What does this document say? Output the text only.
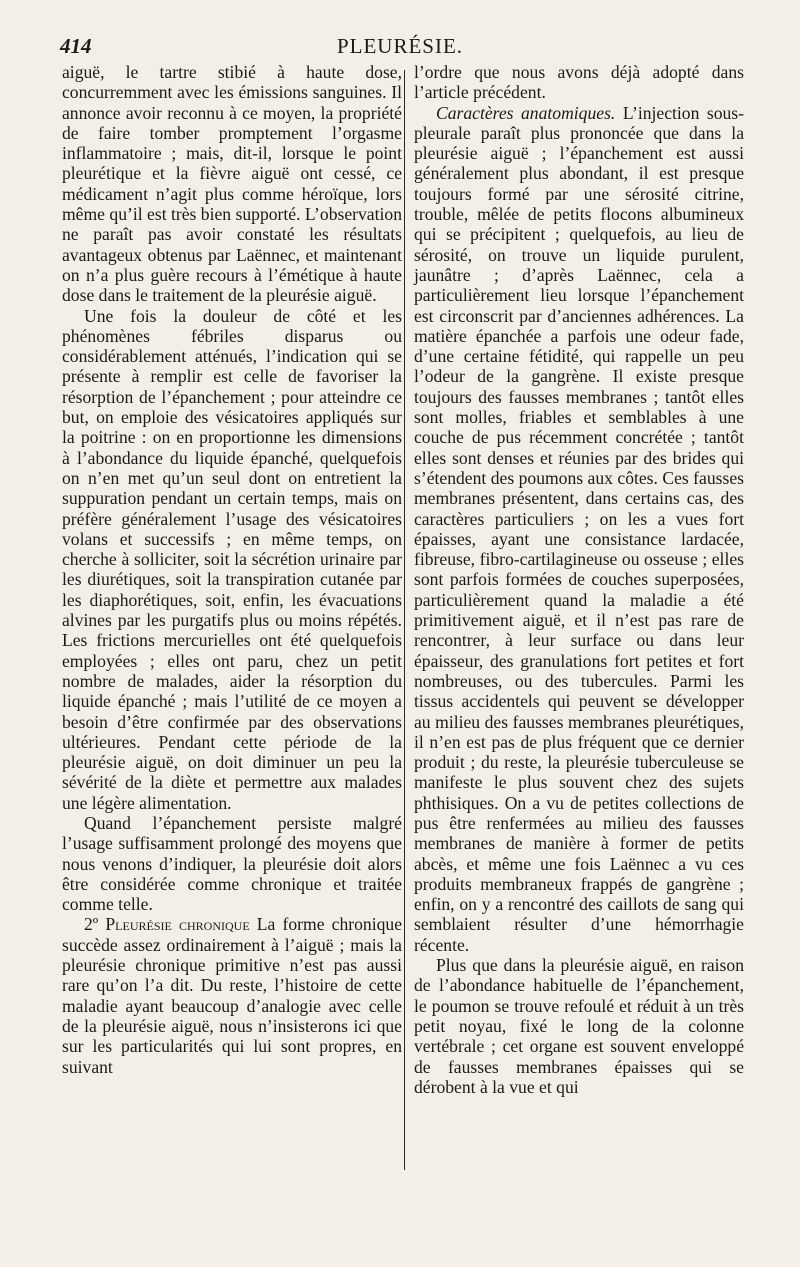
414	PLEURÉSIE.

aiguë, le tartre stibié à haute dose, concurremment avec les émissions sanguines. Il annonce avoir reconnu à ce moyen, la propriété de faire tomber promptement l’orgasme inflammatoire ; mais, dit-il, lorsque le point pleurétique et la fièvre aiguë ont cessé, ce médicament n’agit plus comme héroïque, lors même qu’il est très bien supporté. L’observation ne paraît pas avoir constaté les résultats avantageux obtenus par Laënnec, et maintenant on n’a plus guère recours à l’émétique à haute dose dans le traitement de la pleurésie aiguë.

Une fois la douleur de côté et les phénomènes fébriles disparus ou considérablement atténués, l’indication qui se présente à remplir est celle de favoriser la résorption de l’épanchement ; pour atteindre ce but, on emploie des vésicatoires appliqués sur la poitrine : on en proportionne les dimensions à l’abondance du liquide épanché, quelquefois on n’en met qu’un seul dont on entretient la suppuration pendant un certain temps, mais on préfère généralement l’usage des vésicatoires volans et successifs ; en même temps, on cherche à solliciter, soit la sécrétion urinaire par les diurétiques, soit la transpiration cutanée par les diaphorétiques, soit, enfin, les évacuations alvines par les purgatifs plus ou moins répétés. Les frictions mercurielles ont été quelquefois employées ; elles ont paru, chez un petit nombre de malades, aider la résorption du liquide épanché ; mais l’utilité de ce moyen a besoin d’être confirmée par des observations ultérieures. Pendant cette période de la pleurésie aiguë, on doit diminuer un peu la sévérité de la diète et permettre aux malades une légère alimentation.

Quand l’épanchement persiste malgré l’usage suffisamment prolongé des moyens que nous venons d’indiquer, la pleurésie doit alors être considérée comme chronique et traitée comme telle.

2º Pleurésie chronique La forme chronique succède assez ordinairement à l’aiguë ; mais la pleurésie chronique primitive n’est pas aussi rare qu’on l’a dit. Du reste, l’histoire de cette maladie ayant beaucoup d’analogie avec celle de la pleurésie aiguë, nous n’insisterons ici que sur les particularités qui lui sont propres, en suivant

l’ordre que nous avons déjà adopté dans l’article précédent.

Caractères anatomiques. L’injection sous-pleurale paraît plus prononcée que dans la pleurésie aiguë ; l’épanchement est aussi généralement plus abondant, il est presque toujours formé par une sérosité citrine, trouble, mêlée de petits flocons albumineux qui se précipitent ; quelquefois, au lieu de sérosité, on trouve un liquide purulent, jaunâtre ; d’après Laënnec, cela a particulièrement lieu lorsque l’épanchement est circonscrit par d’anciennes adhérences. La matière épanchée a parfois une odeur fade, d’une certaine fétidité, qui rappelle un peu l’odeur de la gangrène. Il existe presque toujours des fausses membranes ; tantôt elles sont molles, friables et semblables à une couche de pus récemment concrétée ; tantôt elles sont denses et réunies par des brides qui s’étendent des poumons aux côtes. Ces fausses membranes présentent, dans certains cas, des caractères particuliers ; on les a vues fort épaisses, ayant une consistance lardacée, fibreuse, fibro-cartilagineuse ou osseuse ; elles sont parfois formées de couches superposées, particulièrement quand la maladie a été primitivement aiguë, et il n’est pas rare de rencontrer, à leur surface ou dans leur épaisseur, des granulations fort petites et fort nombreuses, ou des tubercules. Parmi les tissus accidentels qui peuvent se développer au milieu des fausses membranes pleurétiques, il n’en est pas de plus fréquent que ce dernier produit ; du reste, la pleurésie tuberculeuse se manifeste le plus souvent chez des sujets phthisiques. On a vu de petites collections de pus être renfermées au milieu des fausses membranes de manière à former de petits abcès, et même une fois Laënnec a vu ces produits membraneux frappés de gangrène ; enfin, on y a rencontré des caillots de sang qui semblaient résulter d’une hémorrhagie récente.

Plus que dans la pleurésie aiguë, en raison de l’abondance habituelle de l’épanchement, le poumon se trouve refoulé et réduit à un très petit noyau, fixé le long de la colonne vertébrale ; cet organe est souvent enveloppé de fausses membranes épaisses qui se dérobent à la vue et qui
